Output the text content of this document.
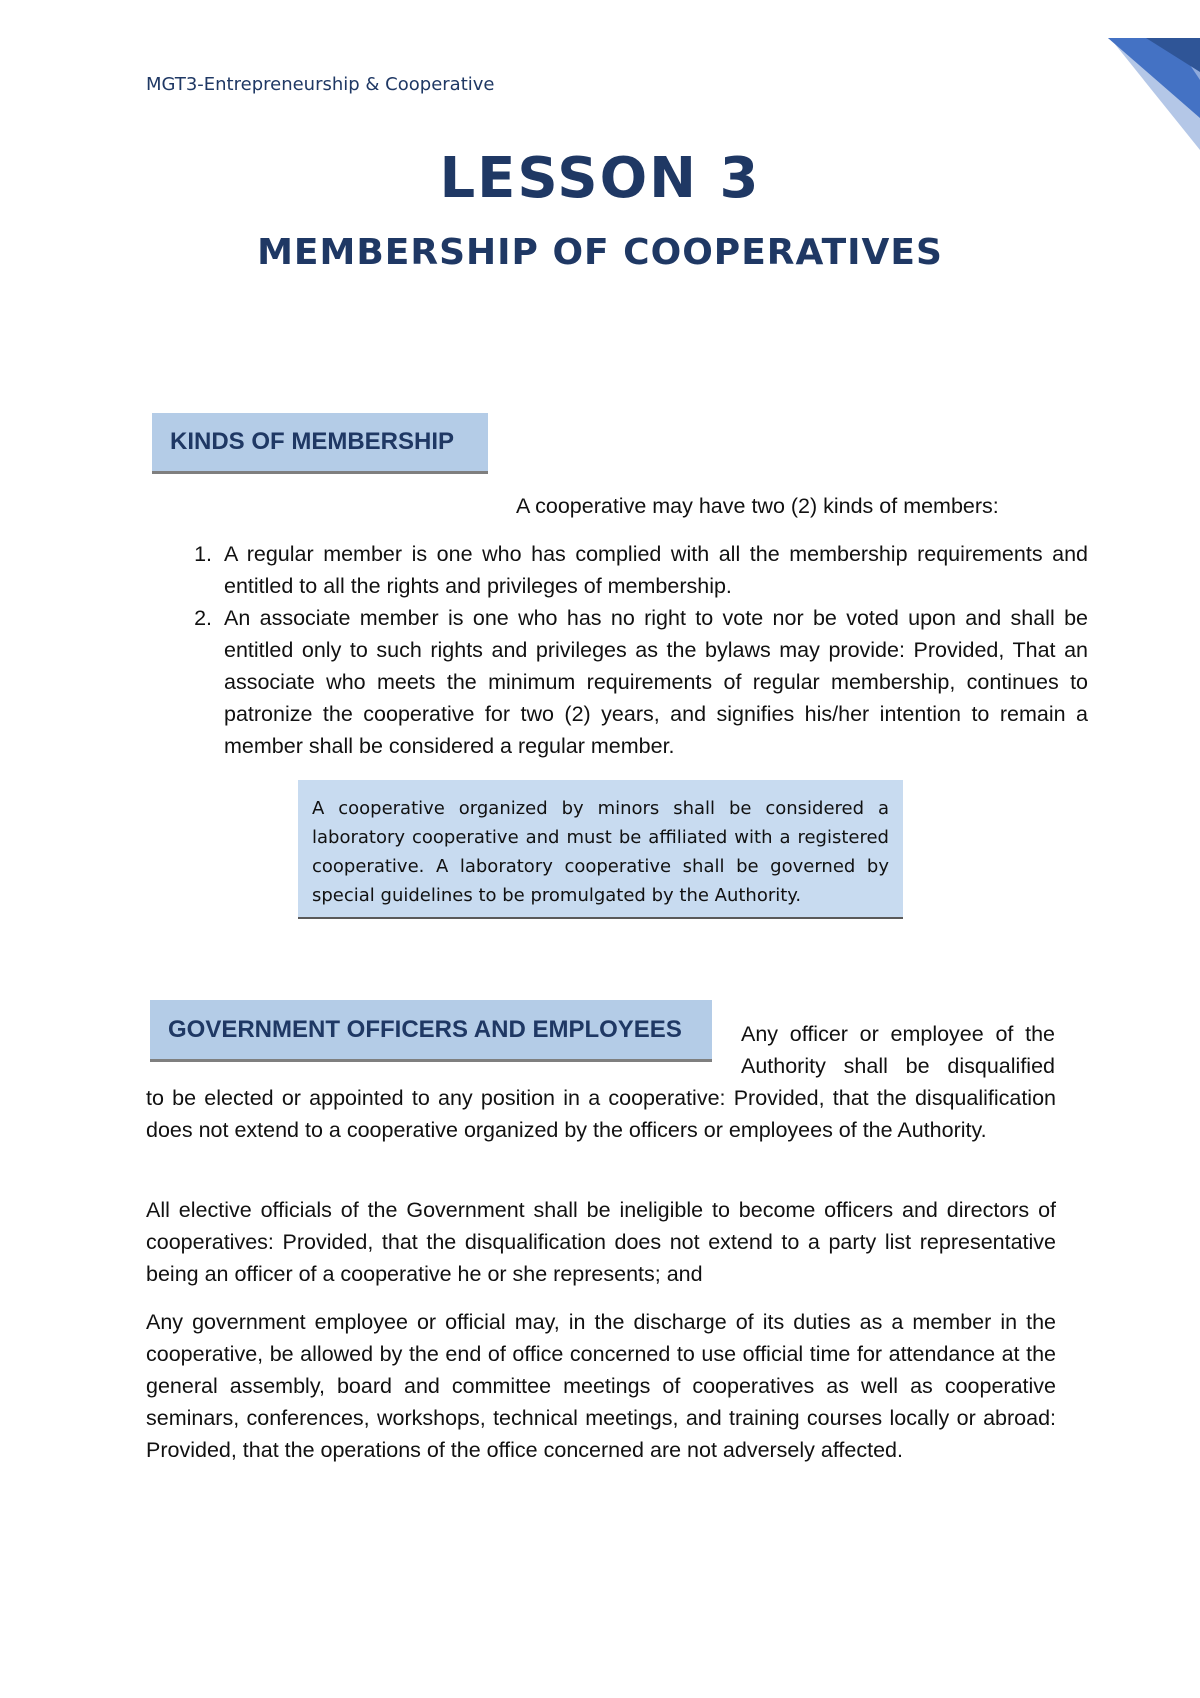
MGT3-Entrepreneurship & Cooperative
LESSON 3
MEMBERSHIP OF COOPERATIVES
KINDS OF MEMBERSHIP
A cooperative may have two (2) kinds of members:
1. A regular member is one who has complied with all the membership requirements and entitled to all the rights and privileges of membership.
2. An associate member is one who has no right to vote nor be voted upon and shall be entitled only to such rights and privileges as the bylaws may provide: Provided, That an associate who meets the minimum requirements of regular membership, continues to patronize the cooperative for two (2) years, and signifies his/her intention to remain a member shall be considered a regular member.
A cooperative organized by minors shall be considered a laboratory cooperative and must be affiliated with a registered cooperative. A laboratory cooperative shall be governed by special guidelines to be promulgated by the Authority.
GOVERNMENT OFFICERS AND EMPLOYEES	Any officer or employee of the Authority shall be disqualified
to be elected or appointed to any position in a cooperative: Provided, that the disqualification does not extend to a cooperative organized by the officers or employees of the Authority.
All elective officials of the Government shall be ineligible to become officers and directors of cooperatives: Provided, that the disqualification does not extend to a party list representative being an officer of a cooperative he or she represents; and
Any government employee or official may, in the discharge of its duties as a member in the cooperative, be allowed by the end of office concerned to use official time for attendance at the general assembly, board and committee meetings of cooperatives as well as cooperative seminars, conferences, workshops, technical meetings, and training courses locally or abroad: Provided, that the operations of the office concerned are not adversely affected.
